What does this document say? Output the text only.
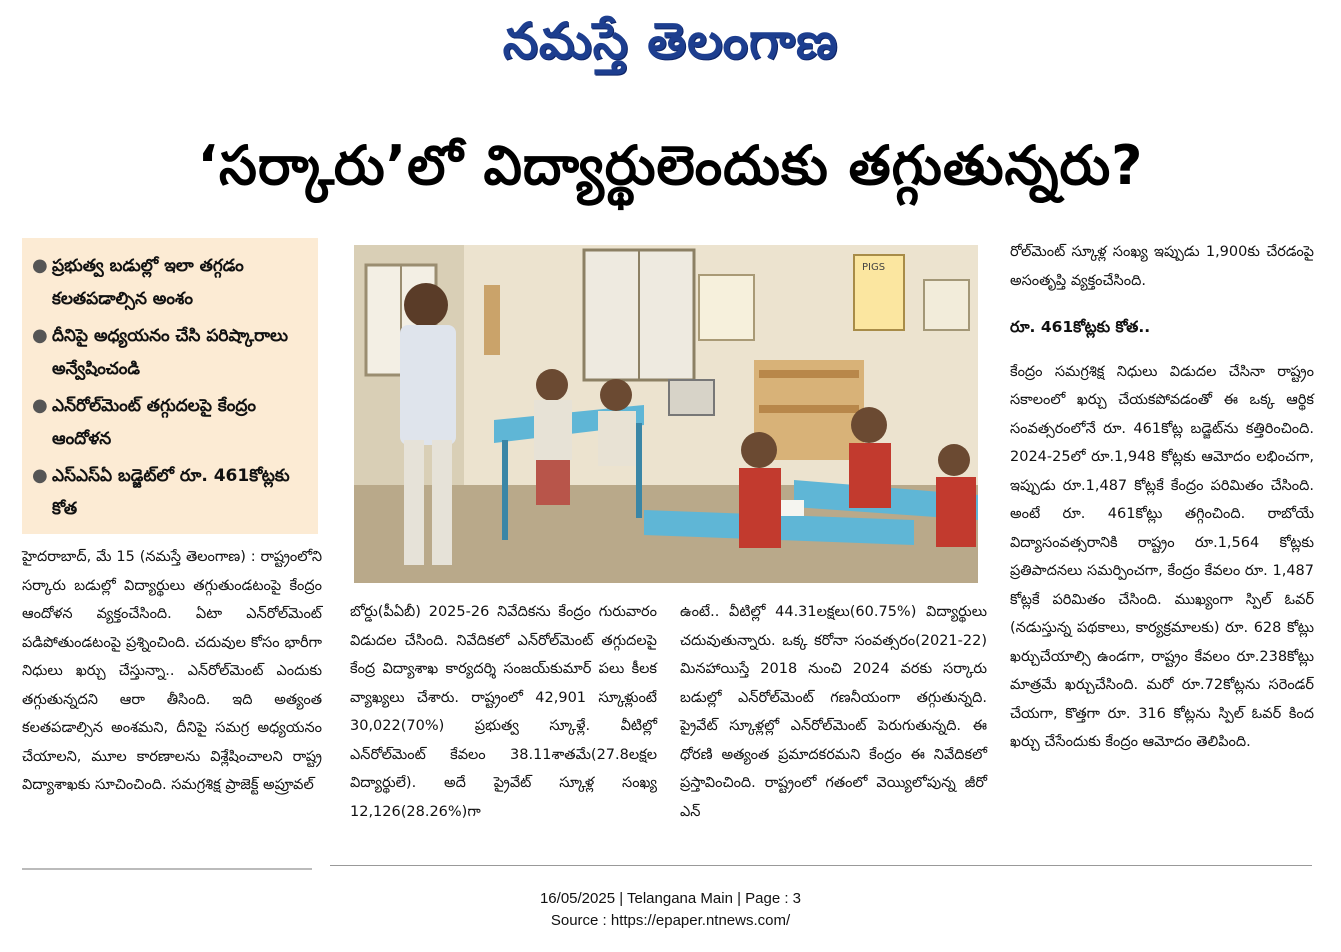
నమస్తే తెలంగాణ
‘సర్కారు’లో విద్యార్థులెందుకు తగ్గుతున్నరు?
● ప్రభుత్వ బడుల్లో ఇలా తగ్గడం కలతపడాల్సిన అంశం
● దీనిపై అధ్యయనం చేసి పరిష్కారాలు అన్వేషించండి
● ఎన్‌రోల్‌మెంట్ తగ్గుదలపై కేంద్రం ఆందోళన
● ఎస్‌ఎస్‌ఏ బడ్జెట్‌లో రూ. 461కోట్లకు కోత
PIGS
హైదరాబాద్, మే 15 (నమస్తే తెలంగాణ) : రాష్ట్రంలోని సర్కారు బడుల్లో విద్యార్థులు తగ్గుతుండటంపై కేంద్రం ఆందోళన వ్యక్తంచేసింది. ఏటా ఎన్‌రోల్‌మెంట్ పడిపోతుండటంపై ప్రశ్నించింది. చదువుల కోసం భారీగా నిధులు ఖర్చు చేస్తున్నా.. ఎన్‌రోల్‌మెంట్ ఎందుకు తగ్గుతున్నదని ఆరా తీసింది. ఇది అత్యంత కలతపడాల్సిన అంశమని, దీనిపై సమగ్ర అధ్యయనం చేయాలని, మూల కారణాలను విశ్లేషించాలని రాష్ట్ర విద్యాశాఖకు సూచించింది. సమగ్రశిక్ష ప్రాజెక్ట్ అప్రూవల్
బోర్డు(పీఏబీ) 2025-26 నివేదికను కేంద్రం గురువారం విడుదల చేసింది. నివేదికలో ఎన్‌రోల్‌మెంట్ తగ్గుదలపై కేంద్ర విద్యాశాఖ కార్యదర్శి సంజయ్‌కుమార్ పలు కీలక వ్యాఖ్యలు చేశారు. రాష్ట్రంలో 42,901 స్కూళ్లుంటే 30,022(70%) ప్రభుత్వ స్కూళ్లే. వీటిల్లో ఎన్‌రోల్‌మెంట్ కేవలం 38.11శాతమే(27.8లక్షల విద్యార్థులే). అదే ప్రైవేట్ స్కూళ్ల సంఖ్య 12,126(28.26%)గా
ఉంటే.. వీటిల్లో 44.31లక్షలు(60.75%) విద్యార్థులు చదువుతున్నారు. ఒక్క కరోనా సంవత్సరం(2021-22) మినహాయిస్తే 2018 నుంచి 2024 వరకు సర్కారు బడుల్లో ఎన్‌రోల్‌మెంట్ గణనీయంగా తగ్గుతున్నది. ప్రైవేట్ స్కూళ్లల్లో ఎన్‌రోల్‌మెంట్ పెరుగుతున్నది. ఈ ధోరణి అత్యంత ప్రమాదకరమని కేంద్రం ఈ నివేదికలో ప్రస్తావించింది. రాష్ట్రంలో గతంలో వెయ్యిలోపున్న జీరో ఎన్
రోల్‌మెంట్ స్కూళ్ల సంఖ్య ఇప్పుడు 1,900కు చేరడంపై అసంతృప్తి వ్యక్తంచేసింది.
రూ. 461కోట్లకు కోత..
కేంద్రం సమగ్రశిక్ష నిధులు విడుదల చేసినా రాష్ట్రం సకాలంలో ఖర్చు చేయకపోవడంతో ఈ ఒక్క ఆర్థిక సంవత్సరంలోనే రూ. 461కోట్ల బడ్జెట్‌ను కత్తిరించింది. 2024-25లో రూ.1,948 కోట్లకు ఆమోదం లభించగా, ఇప్పుడు రూ.1,487 కోట్లకే కేంద్రం పరిమితం చేసింది. అంటే రూ. 461కోట్లు తగ్గించింది. రాబోయే విద్యాసంవత్సరానికి రాష్ట్రం రూ.1,564 కోట్లకు ప్రతిపాదనలు సమర్పించగా, కేంద్రం కేవలం రూ. 1,487 కోట్లకే పరిమితం చేసింది. ముఖ్యంగా స్పిల్ ఓవర్ (నడుస్తున్న పథకాలు, కార్యక్రమాలకు) రూ. 628 కోట్లు ఖర్చుచేయాల్సి ఉండగా, రాష్ట్రం కేవలం రూ.238కోట్లు మాత్రమే ఖర్చుచేసింది. మరో రూ.72కోట్లను సరెండర్ చేయగా, కొత్తగా రూ. 316 కోట్లను స్పిల్ ఓవర్ కింద ఖర్చు చేసేందుకు కేంద్రం ఆమోదం తెలిపింది.
16/05/2025 | Telangana Main | Page : 3
Source : https://epaper.ntnews.com/
